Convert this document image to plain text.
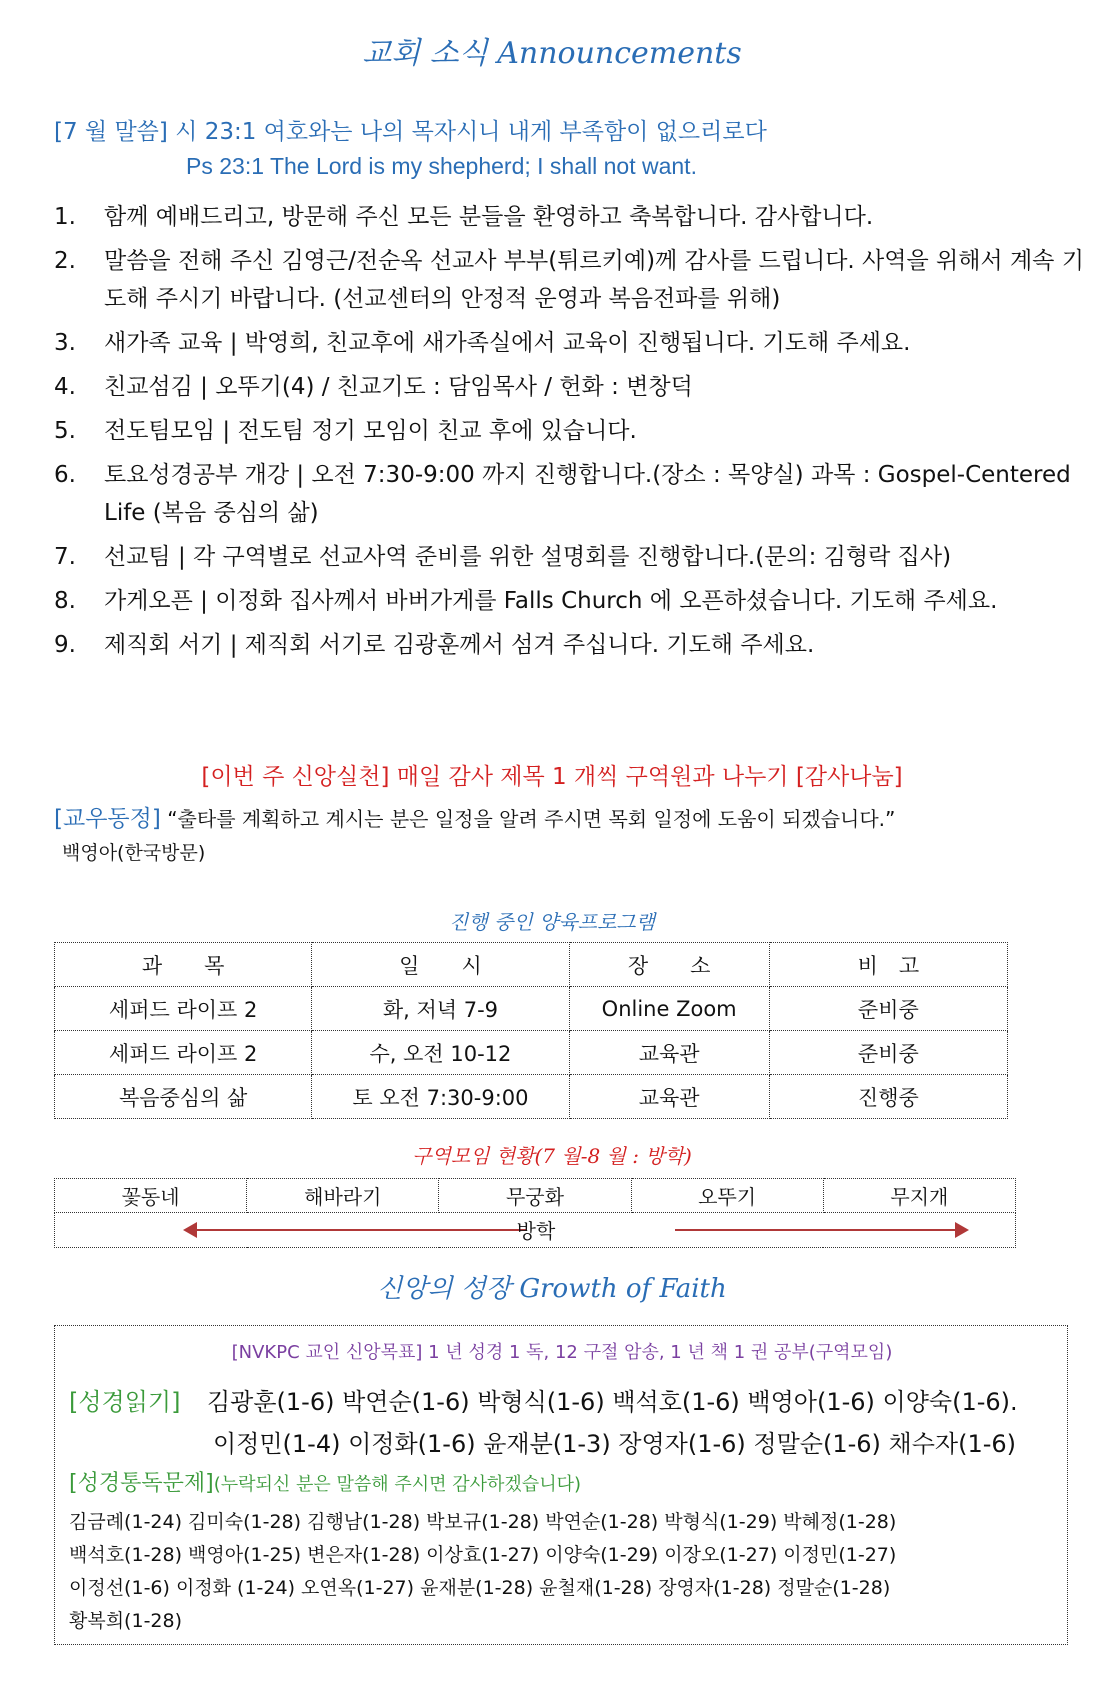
교회 소식 Announcements
[7 월 말씀] 시 23:1 여호와는 나의 목자시니 내게 부족함이 없으리로다
Ps 23:1 The Lord is my shepherd; I shall not want.
1.	함께 예배드리고, 방문해 주신 모든 분들을 환영하고 축복합니다. 감사합니다.
2.	말씀을 전해 주신 김영근/전순옥 선교사 부부(튀르키예)께 감사를 드립니다. 사역을 위해서 계속 기도해 주시기 바랍니다. (선교센터의 안정적 운영과 복음전파를 위해)
3.	새가족 교육 | 박영희, 친교후에 새가족실에서 교육이 진행됩니다. 기도해 주세요.
4.	친교섬김 | 오뚜기(4) / 친교기도 : 담임목사 / 헌화 : 변창덕
5.	전도팀모임 | 전도팀 정기 모임이 친교 후에 있습니다.
6.	토요성경공부 개강 | 오전 7:30-9:00 까지 진행합니다.(장소 : 목양실) 과목 : Gospel-Centered Life (복음 중심의 삶)
7.	선교팀 | 각 구역별로 선교사역 준비를 위한 설명회를 진행합니다.(문의: 김형락 집사)
8.	가게오픈 | 이정화 집사께서 바버가게를 Falls Church 에 오픈하셨습니다. 기도해 주세요.
9.	제직회 서기 | 제직회 서기로 김광훈께서 섬겨 주십니다. 기도해 주세요.
[이번 주 신앙실천] 매일 감사 제목 1 개씩 구역원과 나누기 [감사나눔]
[교우동정] “출타를 계획하고 계시는 분은 일정을 알려 주시면 목회 일정에 도움이 되겠습니다.”
백영아(한국방문)
진행 중인 양육프로그램
과　　목	일　　시	장　　소	비　고
세퍼드 라이프 2	화, 저녁 7-9	Online Zoom	준비중
세퍼드 라이프 2	수, 오전 10-12	교육관	준비중
복음중심의 삶	토 오전 7:30-9:00	교육관	진행중
구역모임 현황(7 월-8 월 : 방학)
꽃동네	해바라기	무궁화	오뚜기	무지개

방학
신앙의 성장 Growth of Faith
[NVKPC 교인 신앙목표] 1 년 성경 1 독, 12 구절 암송, 1 년 책 1 권 공부(구역모임)
[성경읽기] 김광훈(1-6) 박연순(1-6) 박형식(1-6) 백석호(1-6) 백영아(1-6) 이양숙(1-6).
이정민(1-4) 이정화(1-6) 윤재분(1-3) 장영자(1-6) 정말순(1-6) 채수자(1-6)
[성경통독문제](누락되신 분은 말씀해 주시면 감사하겠습니다)
김금례(1-24) 김미숙(1-28) 김행남(1-28) 박보규(1-28) 박연순(1-28) 박형식(1-29) 박혜정(1-28)
백석호(1-28) 백영아(1-25) 변은자(1-28) 이상효(1-27) 이양숙(1-29) 이장오(1-27) 이정민(1-27)
이정선(1-6) 이정화 (1-24) 오연옥(1-27) 윤재분(1-28) 윤철재(1-28) 장영자(1-28) 정말순(1-28)
황복희(1-28)
